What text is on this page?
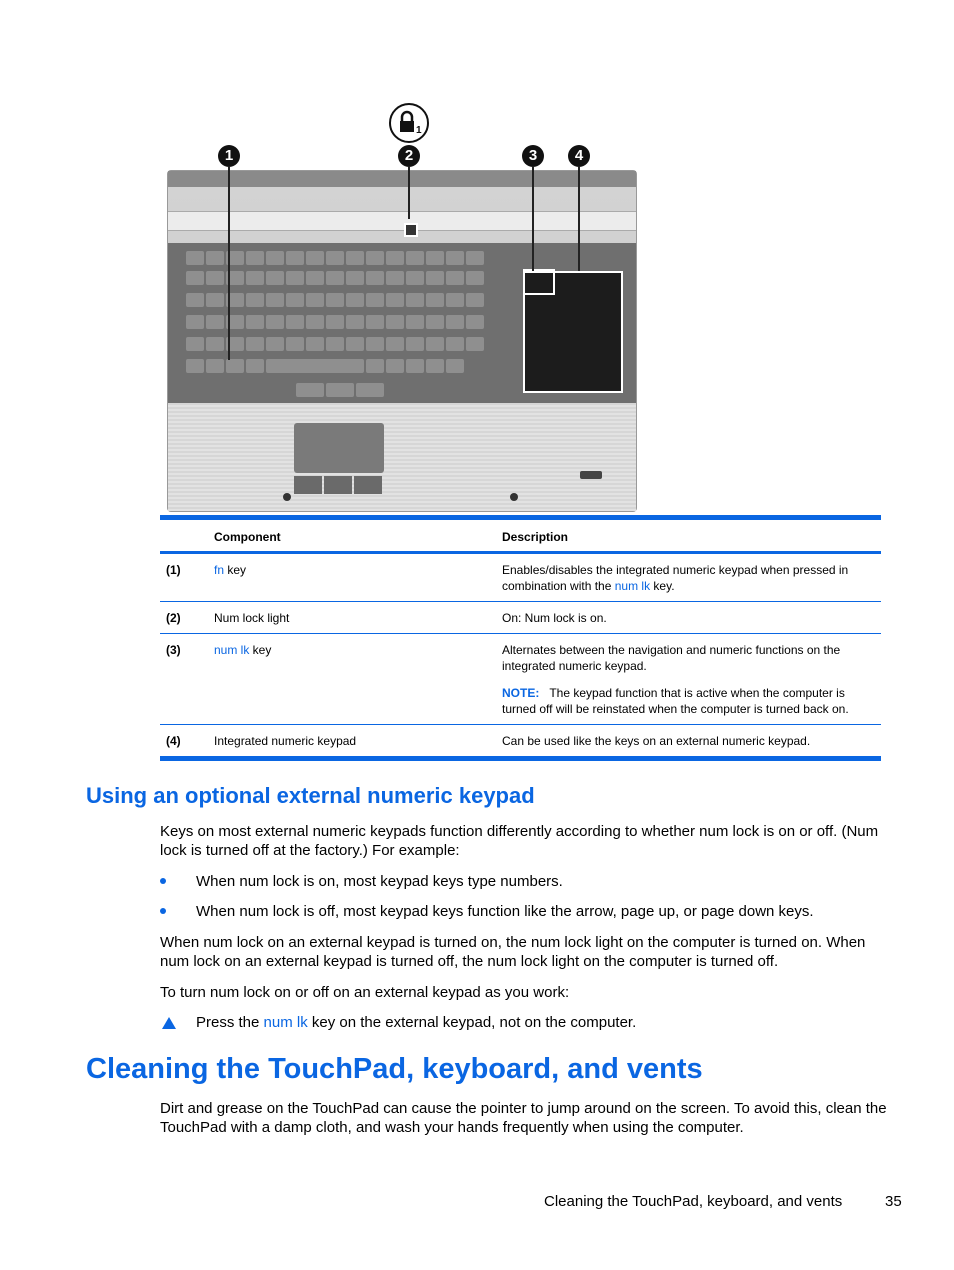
1
1	2	3	4
	Component	Description
(1)	fn key	Enables/disables the integrated numeric keypad when pressed in combination with the num lk key.
(2)	Num lock light	On: Num lock is on.
(3)	num lk key	Alternates between the navigation and numeric functions on the integrated numeric keypad.
NOTE: The keypad function that is active when the computer is turned off will be reinstated when the computer is turned back on.

(4)	Integrated numeric keypad	Can be used like the keys on an external numeric keypad.
Using an optional external numeric keypad
Keys on most external numeric keypads function differently according to whether num lock is on or off. (Num lock is turned off at the factory.) For example:
When num lock is on, most keypad keys type numbers.
When num lock is off, most keypad keys function like the arrow, page up, or page down keys.
When num lock on an external keypad is turned on, the num lock light on the computer is turned on. When num lock on an external keypad is turned off, the num lock light on the computer is turned off.
To turn num lock on or off on an external keypad as you work:
Press the num lk key on the external keypad, not on the computer.
Cleaning the TouchPad, keyboard, and vents
Dirt and grease on the TouchPad can cause the pointer to jump around on the screen. To avoid this, clean the TouchPad with a damp cloth, and wash your hands frequently when using the computer.
Cleaning the TouchPad, keyboard, and vents	35
